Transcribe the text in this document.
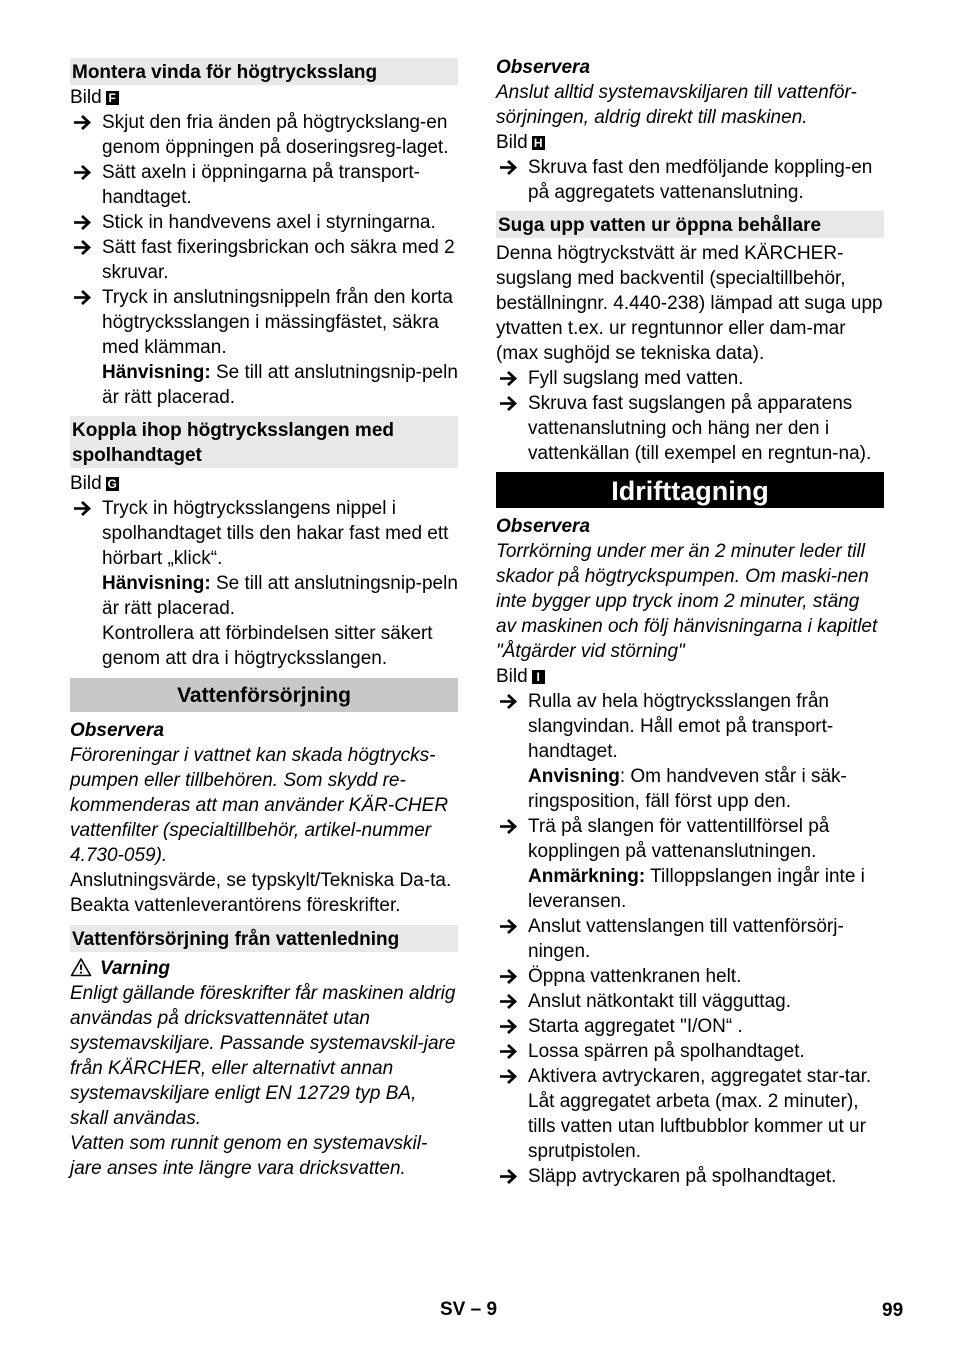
Montera vinda för högtrycksslang
Bild F
Skjut den fria änden på högtryckslang-en genom öppningen på doseringsreg-laget.
Sätt axeln i öppningarna på transport-handtaget.
Stick in handvevens axel i styrningarna.
Sätt fast fixeringsbrickan och säkra med 2 skruvar.
Tryck in anslutningsnippeln från den korta högtrycksslangen i mässingfästet, säkra med klämman.
Hänvisning: Se till att anslutningsnip-peln är rätt placerad.
Koppla ihop högtrycksslangen med spolhandtaget
Bild G
Tryck in högtrycksslangens nippel i spolhandtaget tills den hakar fast med ett hörbart „klick“.
Hänvisning: Se till att anslutningsnip-peln är rätt placerad.
Kontrollera att förbindelsen sitter säkert genom att dra i högtrycksslangen.
Vattenförsörjning
Observera
Föroreningar i vattnet kan skada högtrycks-pumpen eller tillbehören. Som skydd re-kommenderas att man använder KÄR-CHER vattenfilter (specialtillbehör, artikel-nummer 4.730-059).
Anslutningsvärde, se typskylt/Tekniska Da-ta.
Beakta vattenleverantörens föreskrifter.
Vattenförsörjning från vattenledning
Varning
Enligt gällande föreskrifter får maskinen aldrig användas på dricksvattennätet utan systemavskiljare. Passande systemavskil-jare från KÄRCHER, eller alternativt annan systemavskiljare enligt EN 12729 typ BA, skall användas.
Vatten som runnit genom en systemavskil-jare anses inte längre vara dricksvatten.
Observera
Anslut alltid systemavskiljaren till vattenför-sörjningen, aldrig direkt till maskinen.
Bild H
Skruva fast den medföljande koppling-en på aggregatets vattenanslutning.
Suga upp vatten ur öppna behållare
Denna högtryckstvätt är med KÄRCHER-sugslang med backventil (specialtillbehör, beställningnr. 4.440-238) lämpad att suga upp ytvatten t.ex. ur regntunnor eller dam-mar (max sughöjd se tekniska data).
Fyll sugslang med vatten.
Skruva fast sugslangen på apparatens vattenanslutning och häng ner den i vattenkällan (till exempel en regntun-na).
Idrifttagning
Observera
Torrkörning under mer än 2 minuter leder till skador på högtryckspumpen. Om maski-nen inte bygger upp tryck inom 2 minuter, stäng av maskinen och följ hänvisningarna i kapitlet "Åtgärder vid störning"
Bild I
Rulla av hela högtrycksslangen från slangvindan. Håll emot på transport-handtaget.
Anvisning: Om handveven står i säk-ringsposition, fäll först upp den.
Trä på slangen för vattentillförsel på kopplingen på vattenanslutningen.
Anmärkning: Tilloppslangen ingår inte i leveransen.
Anslut vattenslangen till vattenförsörj-ningen.
Öppna vattenkranen helt.
Anslut nätkontakt till vägguttag.
Starta aggregatet "I/ON“ .
Lossa spärren på spolhandtaget.
Aktivera avtryckaren, aggregatet star-tar.
Låt aggregatet arbeta (max. 2 minuter), tills vatten utan luftbubblor kommer ut ur sprutpistolen.
Släpp avtryckaren på spolhandtaget.
SV – 9	99
